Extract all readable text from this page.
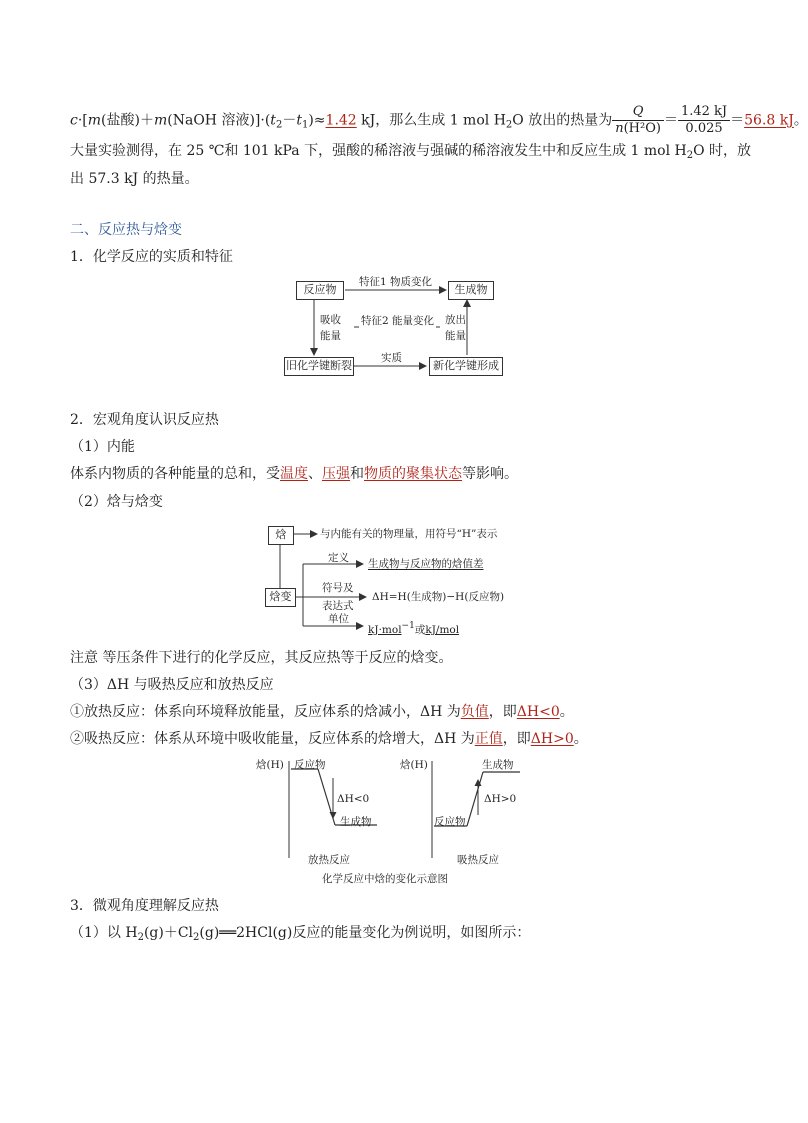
c·[m(盐酸)＋m(NaOH 溶液)]$\cdot(t_2-t_1)\approx 1.42$ kJ，那么生成 1 mol $H_2O$ 放出的热量为 $\frac{Q}{\text{n(H²O)}} = \frac{1.42 kJ}{0.025} =56.8$ kJ。
大量实验测得，在 25 ℃和 101 kPa 下，强酸的稀溶液与强碱的稀溶液发生中和反应生成 1 mol $H_2O$ 时，放
出 57.3 kJ 的热量。
二、反应热与焓变
1．化学反应的实质和特征
反应物	生成物
特征1 物质变化
吸收
能量
特征2 能量变化 放出
能量
旧化学键断裂
实质
新化学键形成
2．宏观角度认识反应热
（1）内能
体系内物质的各种能量的总和，受温度、压强和物质的聚集状态等影响。
（2）焓与焓变
焓	与内能有关的物理量，用符号“H”表示
焓变
定义 生成物与反应物的焓值差
符号及
表达式
ΔH=H(生成物)−H(反应物)
单位
kJ·mol−1或kJ/mol
注意 等压条件下进行的化学反应，其反应热等于反应的焓变。
（3）ΔH 与吸热反应和放热反应
①放热反应：体系向环境释放能量，反应体系的焓减小，ΔH 为负值，即ΔH<0。
②吸热反应：体系从环境中吸收能量，反应体系的焓增大，ΔH 为正值，即ΔH>0。
焓(H) 反应物
ΔH<0
生成物
放热反应
焓(H)	生成物
ΔH>0
反应物
吸热反应
化学反应中焓的变化示意图
3．微观角度理解反应热
（1）以 $H_2(g)+Cl_2(g)══2HCl(g)$反应的能量变化为例说明，如图所示：
